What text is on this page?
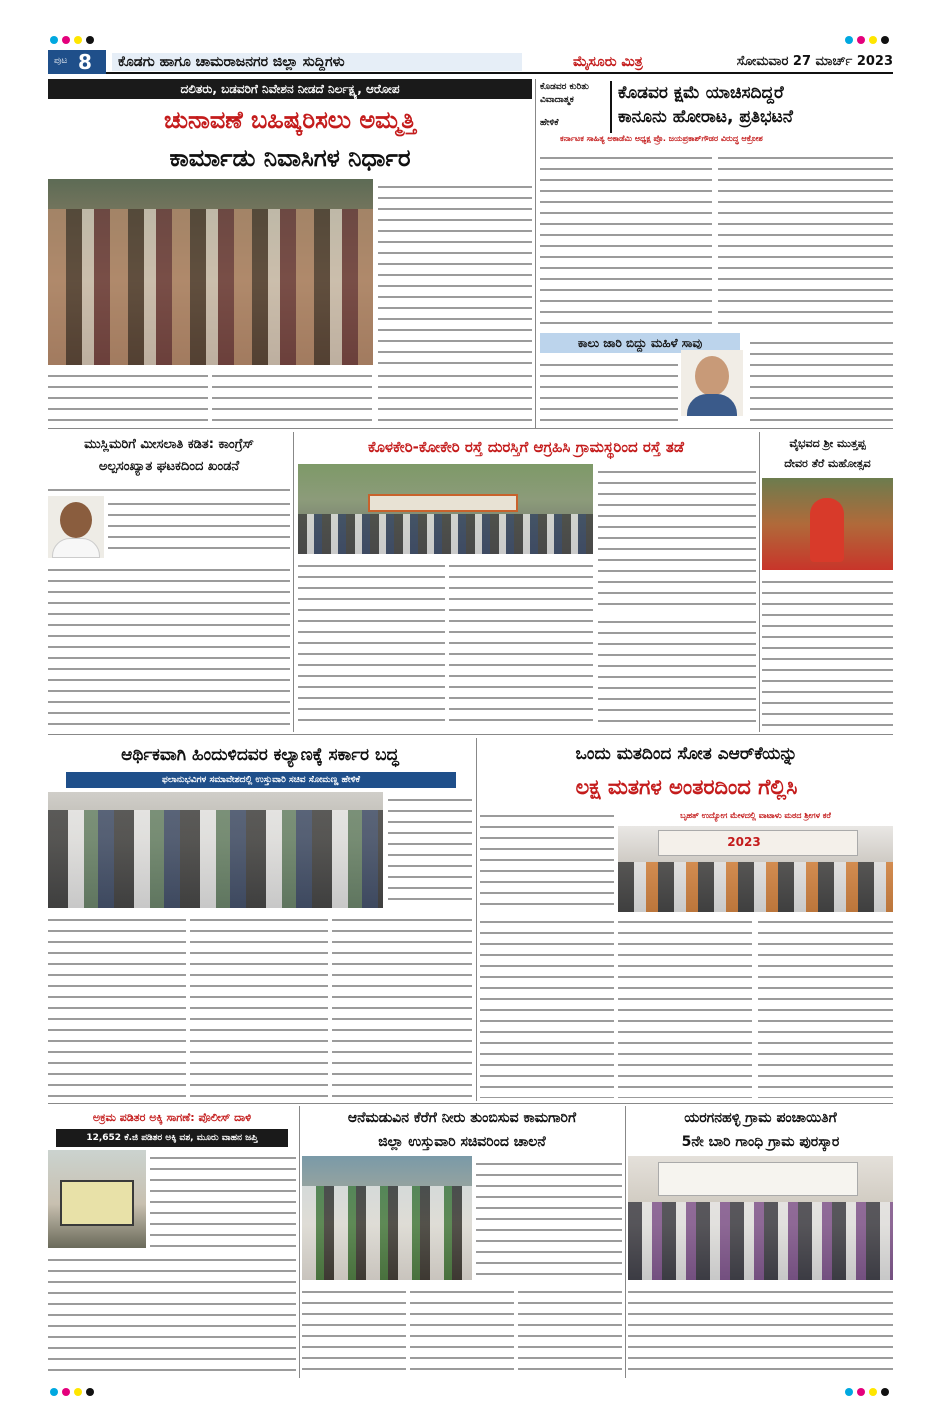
ಪುಟ 8	ಕೊಡಗು ಹಾಗೂ ಚಾಮರಾಜನಗರ ಜಿಲ್ಲಾ ಸುದ್ದಿಗಳು	ಮೈಸೂರು ಮಿತ್ರ	ಸೋಮವಾರ 27 ಮಾರ್ಚ್ 2023
ದಲಿತರು, ಬಡವರಿಗೆ ನಿವೇಶನ ನೀಡದೆ ನಿರ್ಲಕ್ಷ್ಯ, ಆರೋಪ
ಚುನಾವಣೆ ಬಹಿಷ್ಕರಿಸಲು ಅಮ್ಮತ್ತಿ
ಕಾರ್ಮಾಡು ನಿವಾಸಿಗಳ ನಿರ್ಧಾರ
ಕೊಡವರ ಕುರಿತು
ವಿವಾದಾತ್ಮಕ
ಹೇಳಿಕೆ
ಕೊಡವರ ಕ್ಷಮೆ ಯಾಚಿಸದಿದ್ದರೆ
ಕಾನೂನು ಹೋರಾಟ, ಪ್ರತಿಭಟನೆ
ಕರ್ನಾಟಕ ಸಾಹಿತ್ಯ ಅಕಾಡೆಮಿ ಅಧ್ಯಕ್ಷ ಪ್ರೊ. ಜಯಪ್ರಕಾಶ್‌ಗೌಡರ ವಿರುದ್ಧ ಆಕ್ರೋಶ
ಕಾಲು ಜಾರಿ ಬಿದ್ದು ಮಹಿಳೆ ಸಾವು
ಮುಸ್ಲಿಮರಿಗೆ ಮೀಸಲಾತಿ ಕಡಿತ: ಕಾಂಗ್ರೆಸ್
ಅಲ್ಪಸಂಖ್ಯಾತ ಘಟಕದಿಂದ ಖಂಡನೆ
ಕೊಳಕೇರಿ-ಕೋಕೇರಿ ರಸ್ತೆ ದುರಸ್ತಿಗೆ ಆಗ್ರಹಿಸಿ ಗ್ರಾಮಸ್ಥರಿಂದ ರಸ್ತೆ ತಡೆ	ವೈಭವದ ಶ್ರೀ ಮುತ್ತಪ್ಪ
ದೇವರ ತೆರೆ ಮಹೋತ್ಸವ
ಆರ್ಥಿಕವಾಗಿ ಹಿಂದುಳಿದವರ ಕಲ್ಯಾಣಕ್ಕೆ ಸರ್ಕಾರ ಬದ್ಧ
ಫಲಾನುಭವಿಗಳ ಸಮಾವೇಶದಲ್ಲಿ ಉಸ್ತುವಾರಿ ಸಚಿವ ಸೋಮಣ್ಣ ಹೇಳಿಕೆ
ಒಂದು ಮತದಿಂದ ಸೋತ ಎಆರ್‌ಕೆಯನ್ನು
ಲಕ್ಷ ಮತಗಳ ಅಂತರದಿಂದ ಗೆಲ್ಲಿಸಿ
ಬೃಹತ್ ಉದ್ಯೋಗ ಮೇಳದಲ್ಲಿ ವಾಟಾಳು ಮಠದ ಶ್ರೀಗಳ ಕರೆ
2023
ಅಕ್ರಮ ಪಡಿತರ ಅಕ್ಕಿ ಸಾಗಣೆ: ಪೊಲೀಸ್ ದಾಳಿ
12,652 ಕೆ.ಜಿ ಪಡಿತರ ಅಕ್ಕಿ ವಶ, ಮೂರು ವಾಹನ ಜಪ್ತಿ
ಆನೆಮಡುವಿನ ಕೆರೆಗೆ ನೀರು ತುಂಬಿಸುವ ಕಾಮಗಾರಿಗೆ
ಜಿಲ್ಲಾ ಉಸ್ತುವಾರಿ ಸಚಿವರಿಂದ ಚಾಲನೆ
ಯರಗನಹಳ್ಳಿ ಗ್ರಾಮ ಪಂಚಾಯಿತಿಗೆ
5ನೇ ಬಾರಿ ಗಾಂಧಿ ಗ್ರಾಮ ಪುರಸ್ಕಾರ
